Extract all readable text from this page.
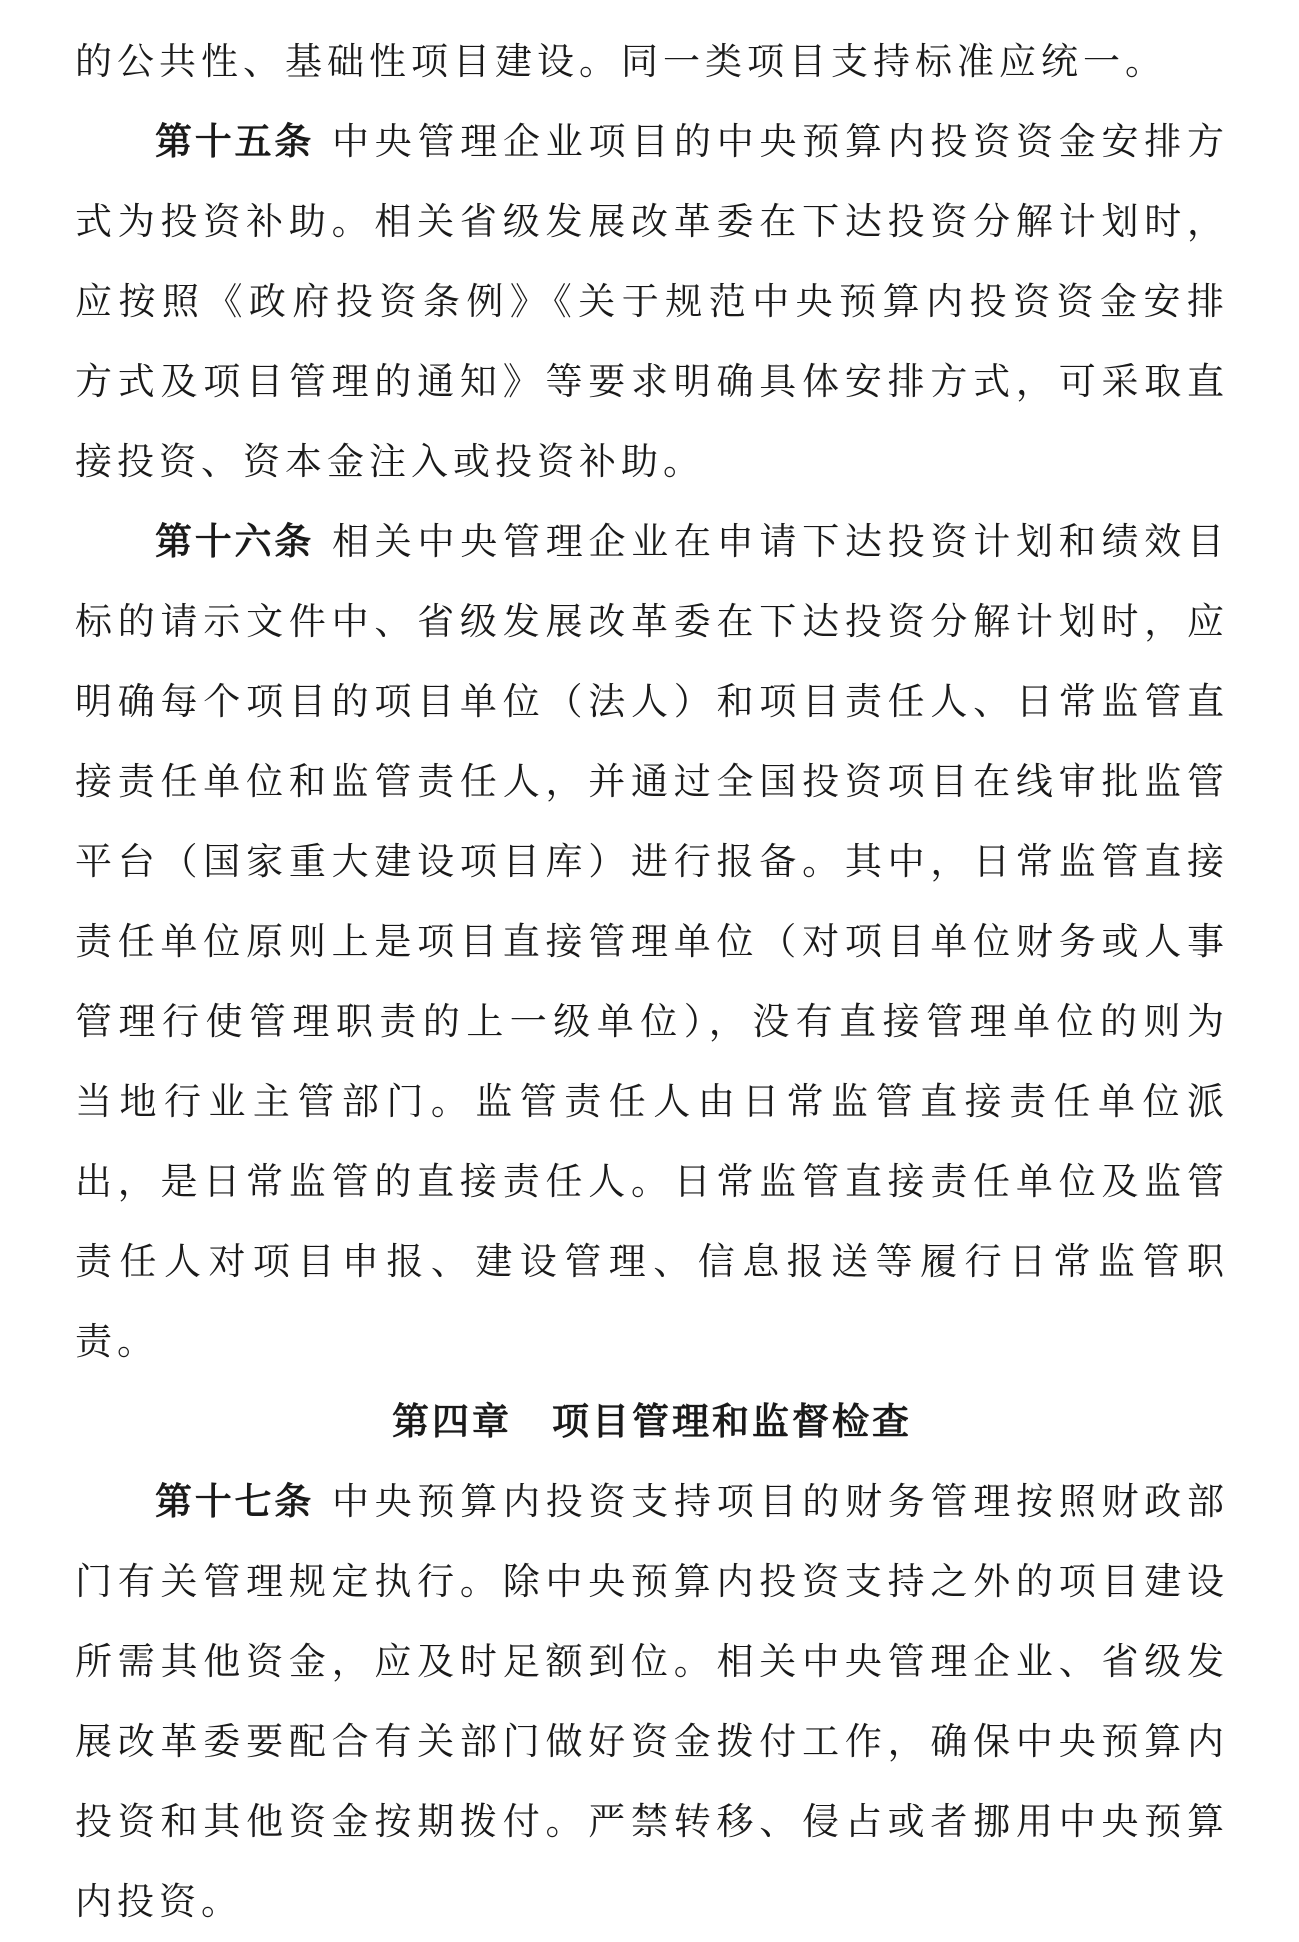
的公共性、基础性项目建设。同一类项目支持标准应统一。

第十五条 中央管理企业项目的中央预算内投资资金安排方式为投资补助。相关省级发展改革委在下达投资分解计划时，应按照《政府投资条例》《关于规范中央预算内投资资金安排方式及项目管理的通知》等要求明确具体安排方式，可采取直接投资、资本金注入或投资补助。

第十六条 相关中央管理企业在申请下达投资计划和绩效目标的请示文件中、省级发展改革委在下达投资分解计划时，应明确每个项目的项目单位（法人）和项目责任人、日常监管直接责任单位和监管责任人，并通过全国投资项目在线审批监管平台（国家重大建设项目库）进行报备。其中，日常监管直接责任单位原则上是项目直接管理单位（对项目单位财务或人事管理行使管理职责的上一级单位），没有直接管理单位的则为当地行业主管部门。监管责任人由日常监管直接责任单位派出，是日常监管的直接责任人。日常监管直接责任单位及监管责任人对项目申报、建设管理、信息报送等履行日常监管职责。

第四章 项目管理和监督检查

第十七条 中央预算内投资支持项目的财务管理按照财政部门有关管理规定执行。除中央预算内投资支持之外的项目建设所需其他资金，应及时足额到位。相关中央管理企业、省级发展改革委要配合有关部门做好资金拨付工作，确保中央预算内投资和其他资金按期拨付。严禁转移、侵占或者挪用中央预算内投资。
